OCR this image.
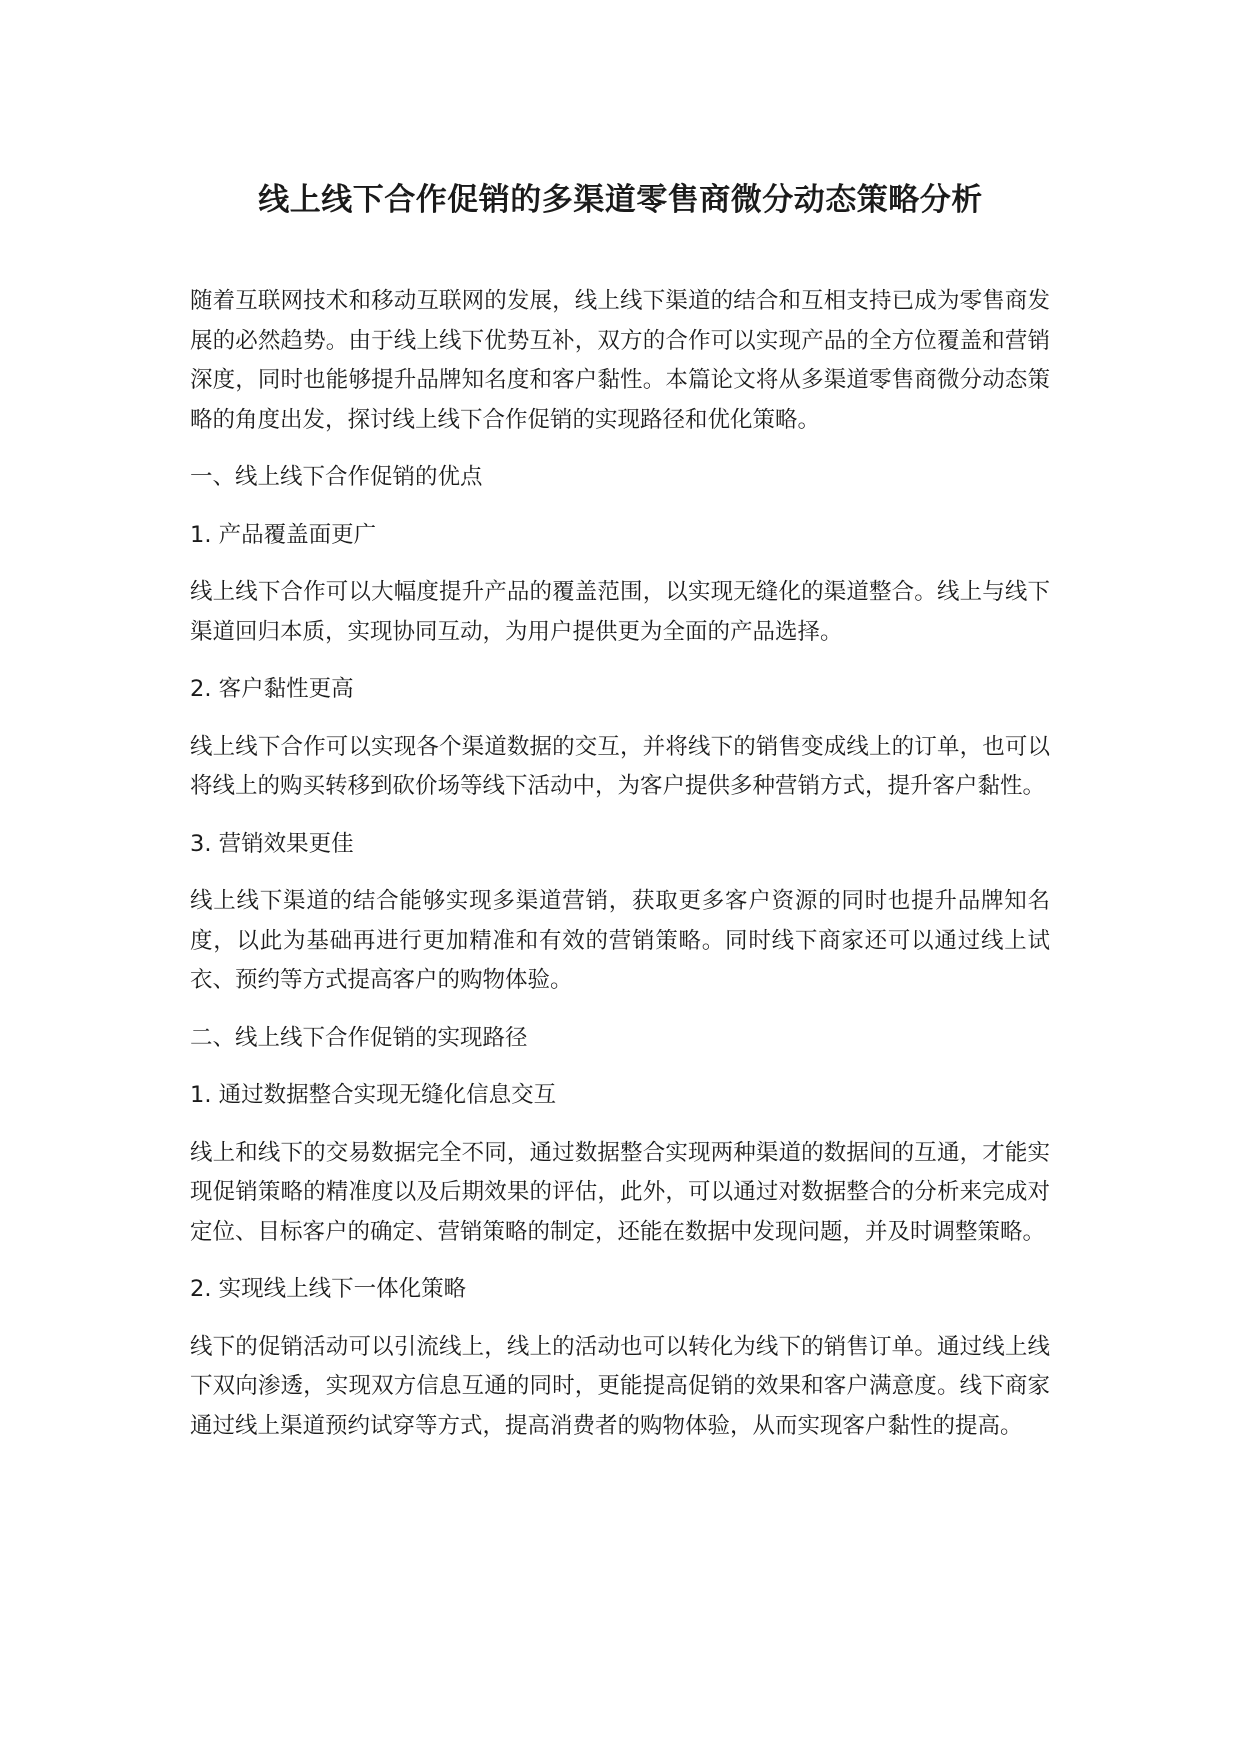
线上线下合作促销的多渠道零售商微分动态策略分析

随着互联网技术和移动互联网的发展，线上线下渠道的结合和互相支持已成为零售商发展的必然趋势。由于线上线下优势互补，双方的合作可以实现产品的全方位覆盖和营销深度，同时也能够提升品牌知名度和客户黏性。本篇论文将从多渠道零售商微分动态策略的角度出发，探讨线上线下合作促销的实现路径和优化策略。

一、线上线下合作促销的优点

1. 产品覆盖面更广

线上线下合作可以大幅度提升产品的覆盖范围，以实现无缝化的渠道整合。线上与线下渠道回归本质，实现协同互动，为用户提供更为全面的产品选择。

2. 客户黏性更高

线上线下合作可以实现各个渠道数据的交互，并将线下的销售变成线上的订单，也可以将线上的购买转移到砍价场等线下活动中，为客户提供多种营销方式，提升客户黏性。

3. 营销效果更佳

线上线下渠道的结合能够实现多渠道营销，获取更多客户资源的同时也提升品牌知名度，以此为基础再进行更加精准和有效的营销策略。同时线下商家还可以通过线上试衣、预约等方式提高客户的购物体验。

二、线上线下合作促销的实现路径

1. 通过数据整合实现无缝化信息交互

线上和线下的交易数据完全不同，通过数据整合实现两种渠道的数据间的互通，才能实现促销策略的精准度以及后期效果的评估，此外，可以通过对数据整合的分析来完成对定位、目标客户的确定、营销策略的制定，还能在数据中发现问题，并及时调整策略。

2. 实现线上线下一体化策略

线下的促销活动可以引流线上，线上的活动也可以转化为线下的销售订单。通过线上线下双向渗透，实现双方信息互通的同时，更能提高促销的效果和客户满意度。线下商家通过线上渠道预约试穿等方式，提高消费者的购物体验，从而实现客户黏性的提高。
